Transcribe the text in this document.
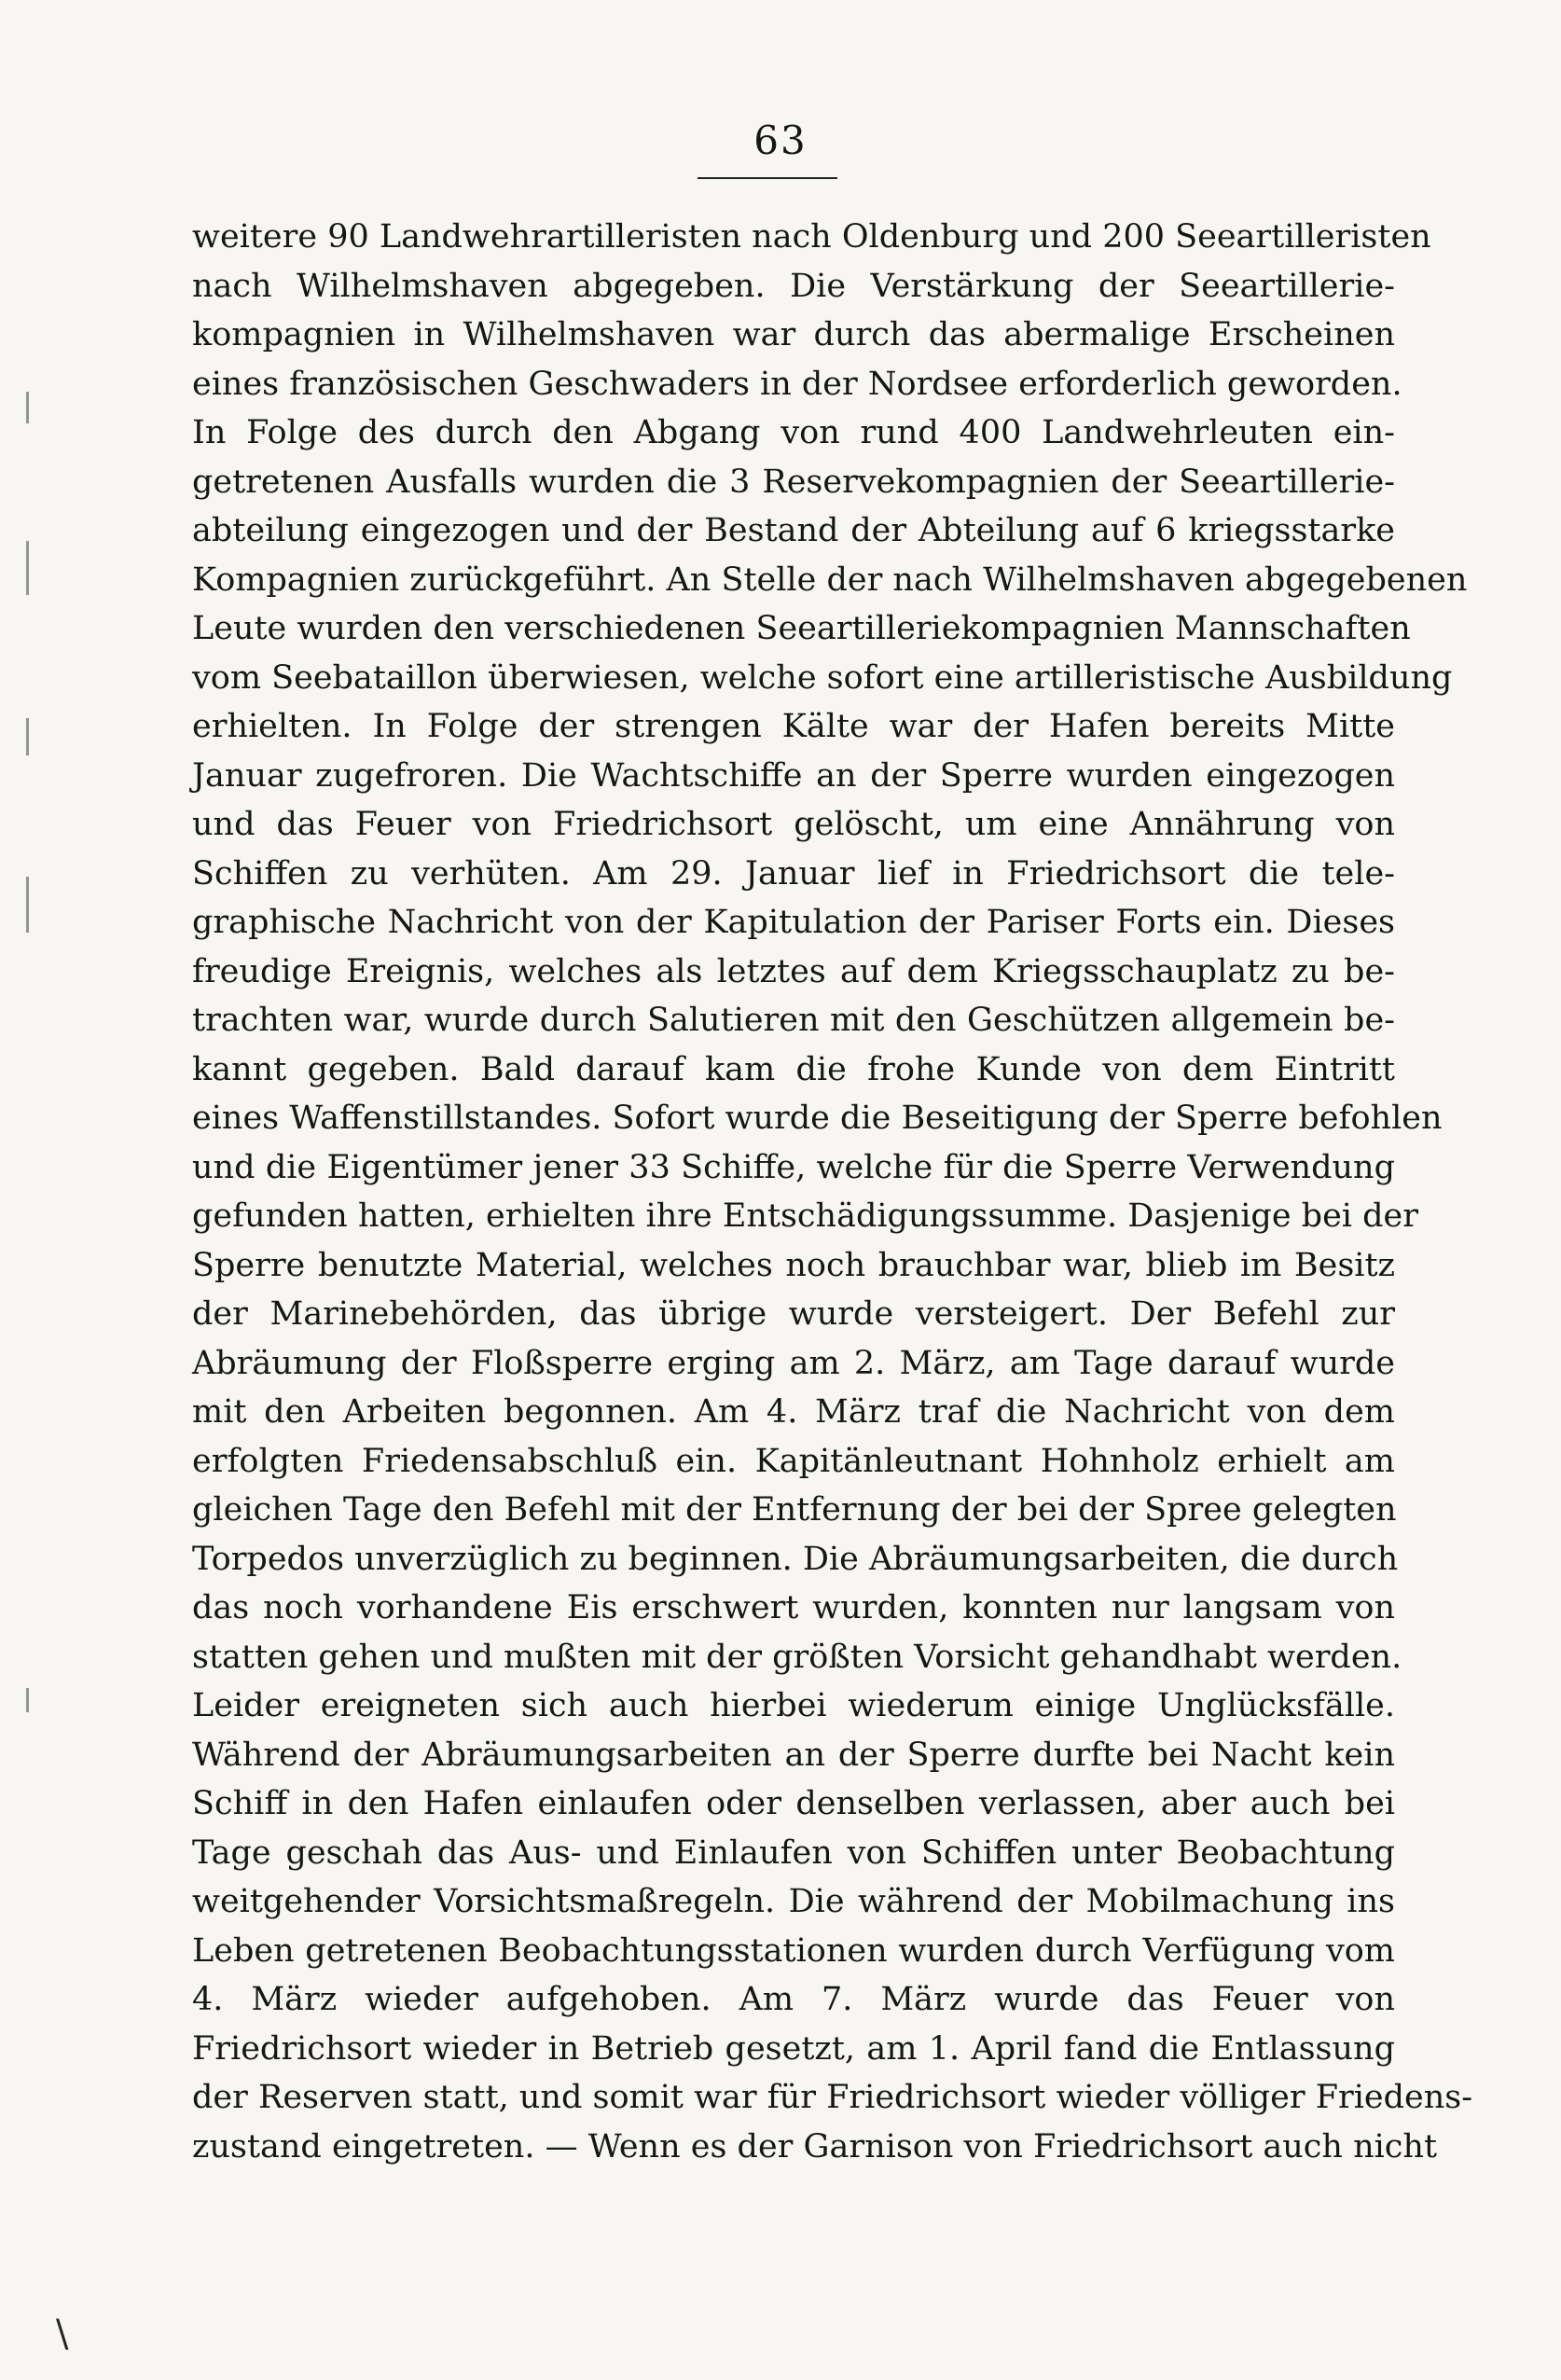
63
\
weitere 90 Landwehrartilleristen nach Oldenburg und 200 Seeartilleristen
nach Wilhelmshaven abgegeben. Die Verstärkung der Seeartillerie-
kompagnien in Wilhelmshaven war durch das abermalige Erscheinen
eines französischen Geschwaders in der Nordsee erforderlich geworden.
In Folge des durch den Abgang von rund 400 Landwehrleuten ein-
getretenen Ausfalls wurden die 3 Reservekompagnien der Seeartillerie-
abteilung eingezogen und der Bestand der Abteilung auf 6 kriegsstarke
Kompagnien zurückgeführt. An Stelle der nach Wilhelmshaven abgegebenen
Leute wurden den verschiedenen Seeartilleriekompagnien Mannschaften
vom Seebataillon überwiesen, welche sofort eine artilleristische Ausbildung
erhielten. In Folge der strengen Kälte war der Hafen bereits Mitte
Januar zugefroren. Die Wachtschiffe an der Sperre wurden eingezogen
und das Feuer von Friedrichsort gelöscht, um eine Annährung von
Schiffen zu verhüten. Am 29. Januar lief in Friedrichsort die tele-
graphische Nachricht von der Kapitulation der Pariser Forts ein. Dieses
freudige Ereignis, welches als letztes auf dem Kriegsschauplatz zu be-
trachten war, wurde durch Salutieren mit den Geschützen allgemein be-
kannt gegeben. Bald darauf kam die frohe Kunde von dem Eintritt
eines Waffenstillstandes. Sofort wurde die Beseitigung der Sperre befohlen
und die Eigentümer jener 33 Schiffe, welche für die Sperre Verwendung
gefunden hatten, erhielten ihre Entschädigungssumme. Dasjenige bei der
Sperre benutzte Material, welches noch brauchbar war, blieb im Besitz
der Marinebehörden, das übrige wurde versteigert. Der Befehl zur
Abräumung der Floßsperre erging am 2. März, am Tage darauf wurde
mit den Arbeiten begonnen. Am 4. März traf die Nachricht von dem
erfolgten Friedensabschluß ein. Kapitänleutnant Hohnholz erhielt am
gleichen Tage den Befehl mit der Entfernung der bei der Spree gelegten
Torpedos unverzüglich zu beginnen. Die Abräumungsarbeiten, die durch
das noch vorhandene Eis erschwert wurden, konnten nur langsam von
statten gehen und mußten mit der größten Vorsicht gehandhabt werden.
Leider ereigneten sich auch hierbei wiederum einige Unglücksfälle.
Während der Abräumungsarbeiten an der Sperre durfte bei Nacht kein
Schiff in den Hafen einlaufen oder denselben verlassen, aber auch bei
Tage geschah das Aus- und Einlaufen von Schiffen unter Beobachtung
weitgehender Vorsichtsmaßregeln. Die während der Mobilmachung ins
Leben getretenen Beobachtungsstationen wurden durch Verfügung vom
4. März wieder aufgehoben. Am 7. März wurde das Feuer von
Friedrichsort wieder in Betrieb gesetzt, am 1. April fand die Entlassung
der Reserven statt, und somit war für Friedrichsort wieder völliger Friedens-
zustand eingetreten. — Wenn es der Garnison von Friedrichsort auch nicht
